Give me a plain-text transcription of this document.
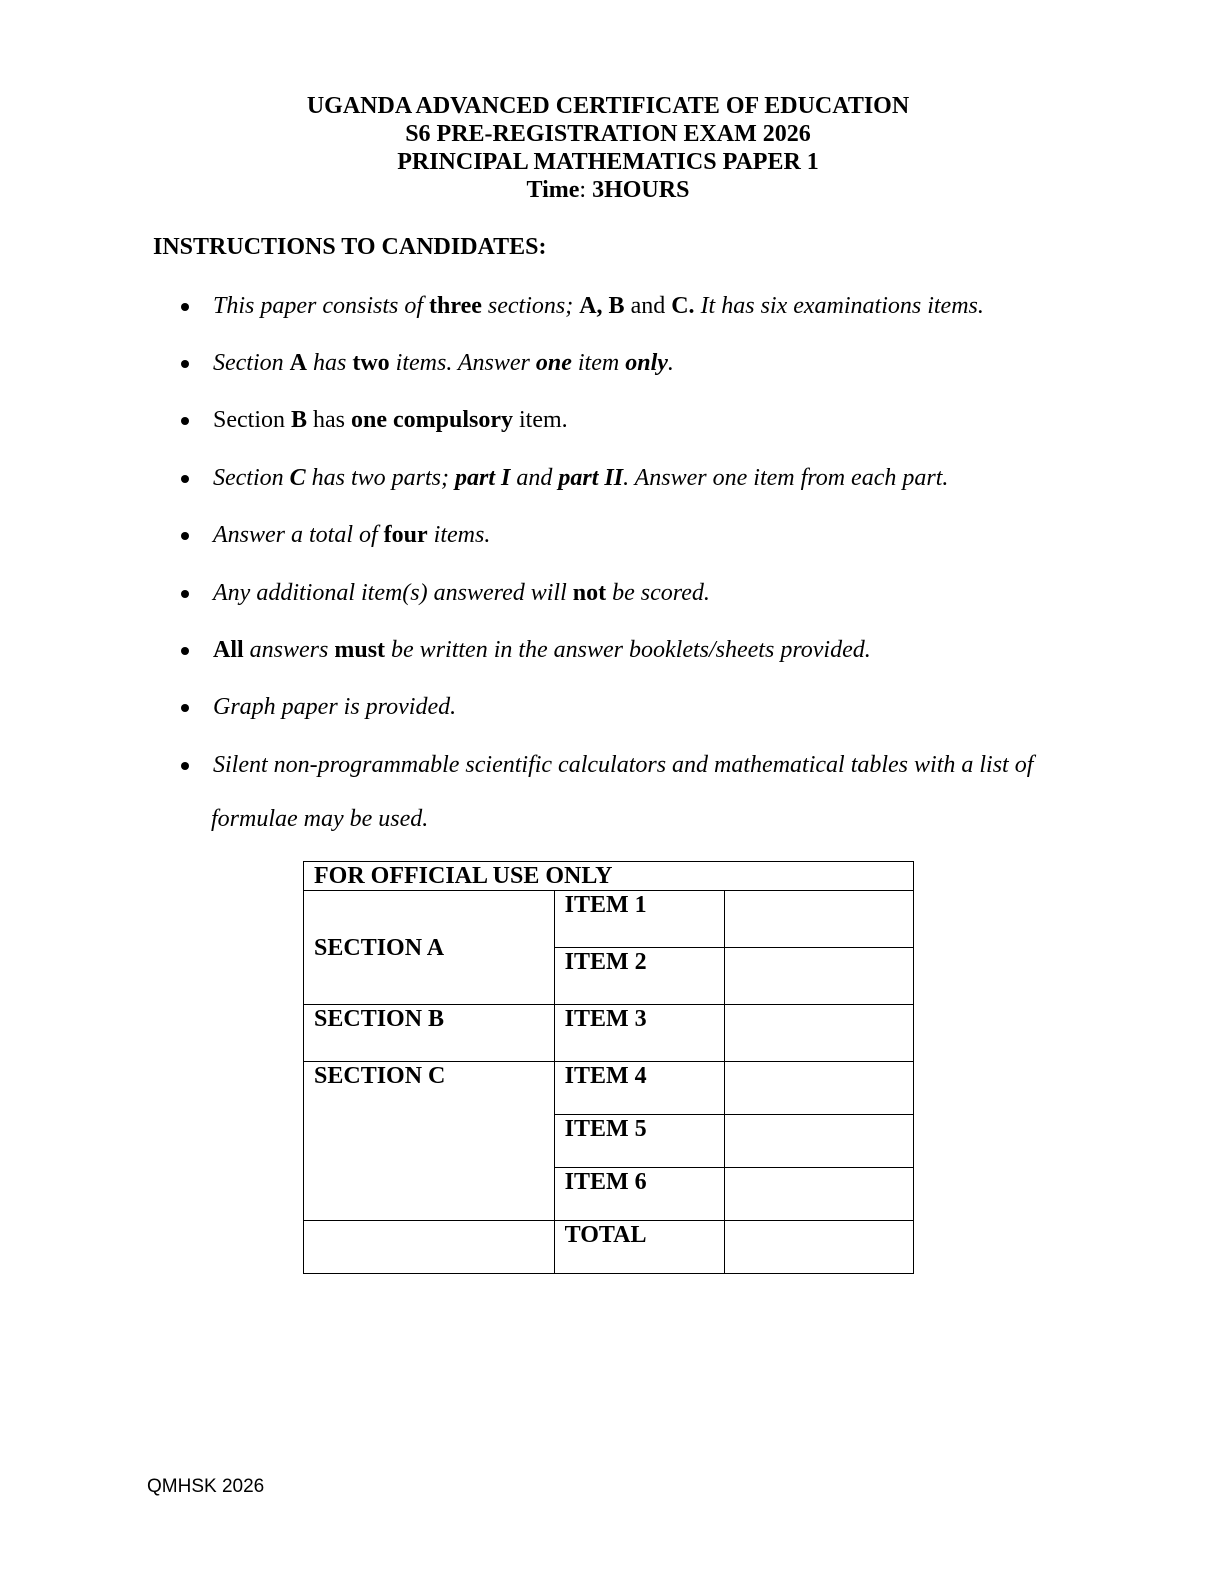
UGANDA ADVANCED CERTIFICATE OF EDUCATION
S6 PRE-REGISTRATION EXAM 2026
PRINCIPAL MATHEMATICS PAPER 1
Time: 3HOURS
INSTRUCTIONS TO CANDIDATES:
This paper consists of three sections; A, B and C. It has six examinations items.
Section A has two items. Answer one item only.
Section B has one compulsory item.
Section C has two parts; part I and part II. Answer one item from each part.
Answer a total of four items.
Any additional item(s) answered will not be scored.
All answers must be written in the answer booklets/sheets provided.
Graph paper is provided.
Silent non-programmable scientific calculators and mathematical tables with a list of
formulae may be used.
FOR OFFICIAL USE ONLY		
SECTION A	ITEM 1	
	ITEM 2	
SECTION B	ITEM 3	
SECTION C	ITEM 4	
	ITEM 5	
	ITEM 6	
	TOTAL	
QMHSK 2026
